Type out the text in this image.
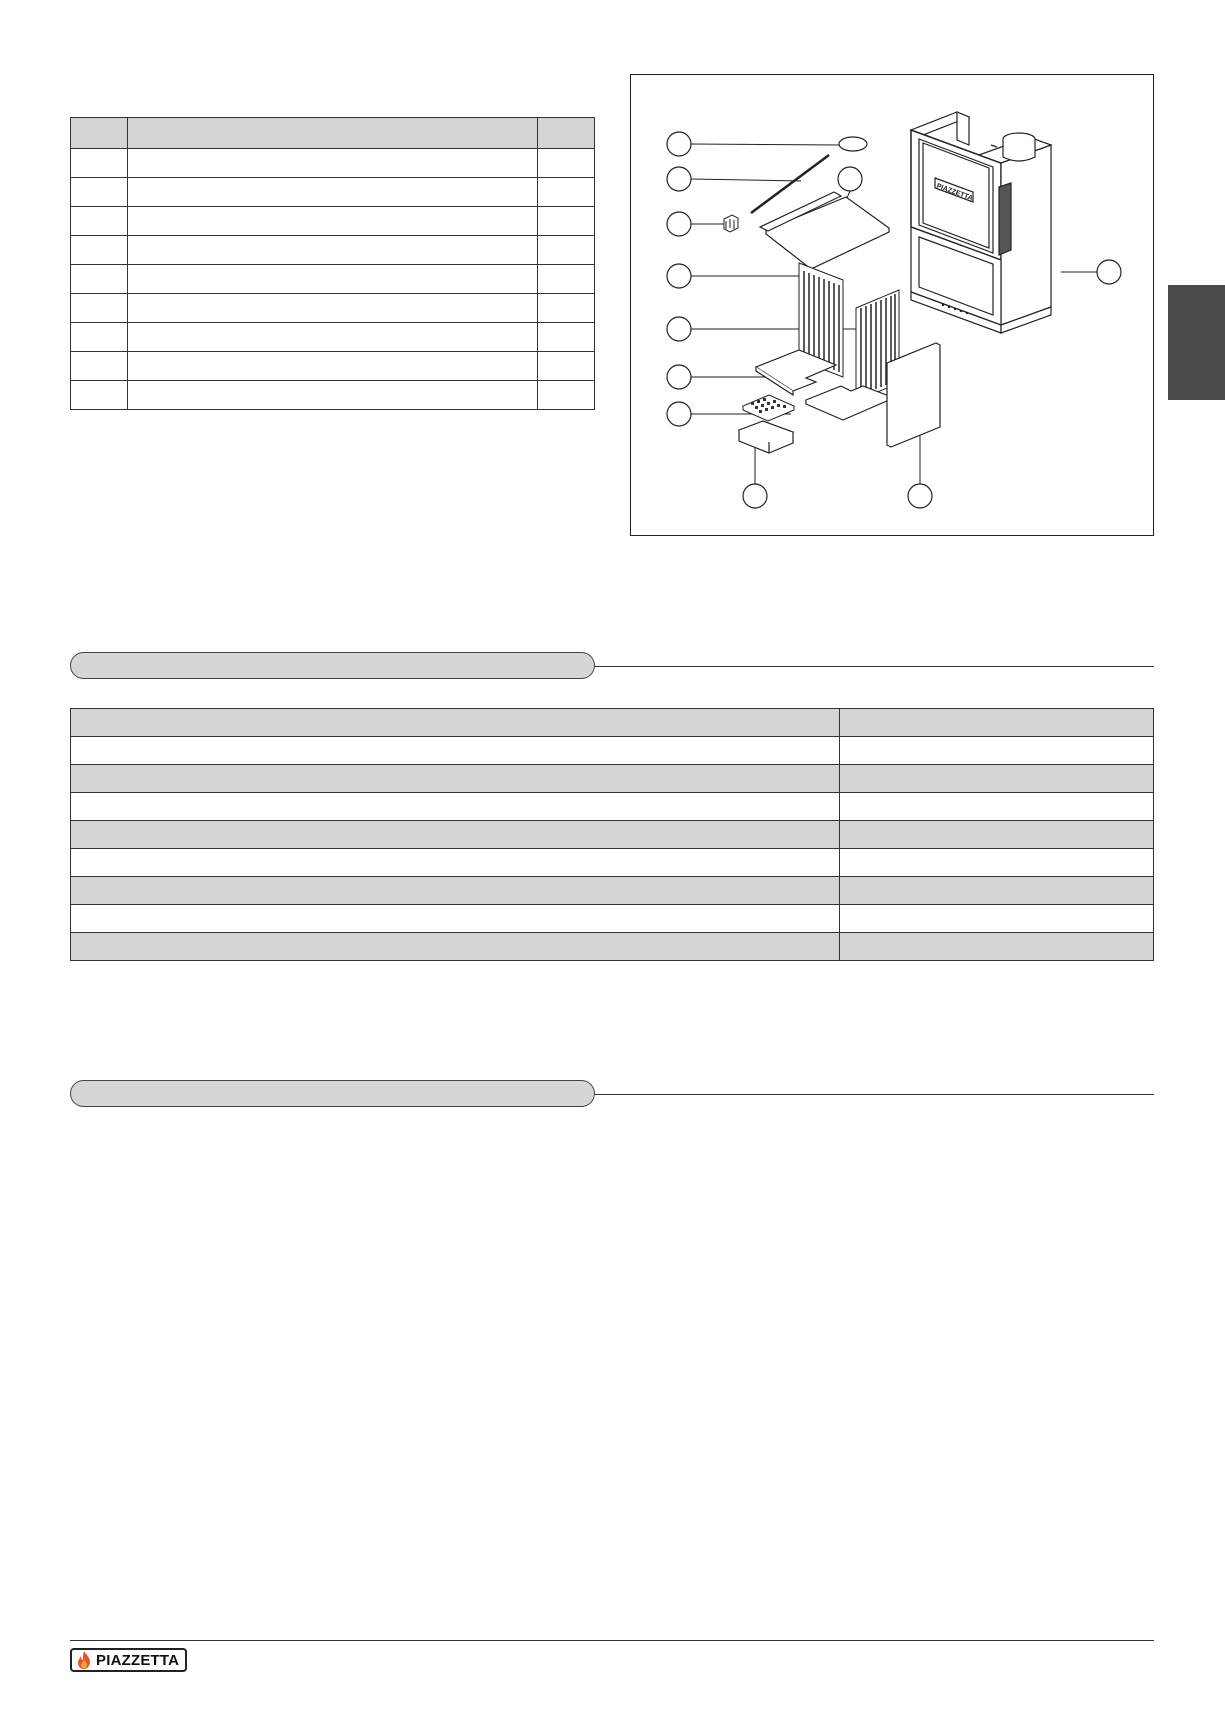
PIAZZETTA

PIAZZETTA
